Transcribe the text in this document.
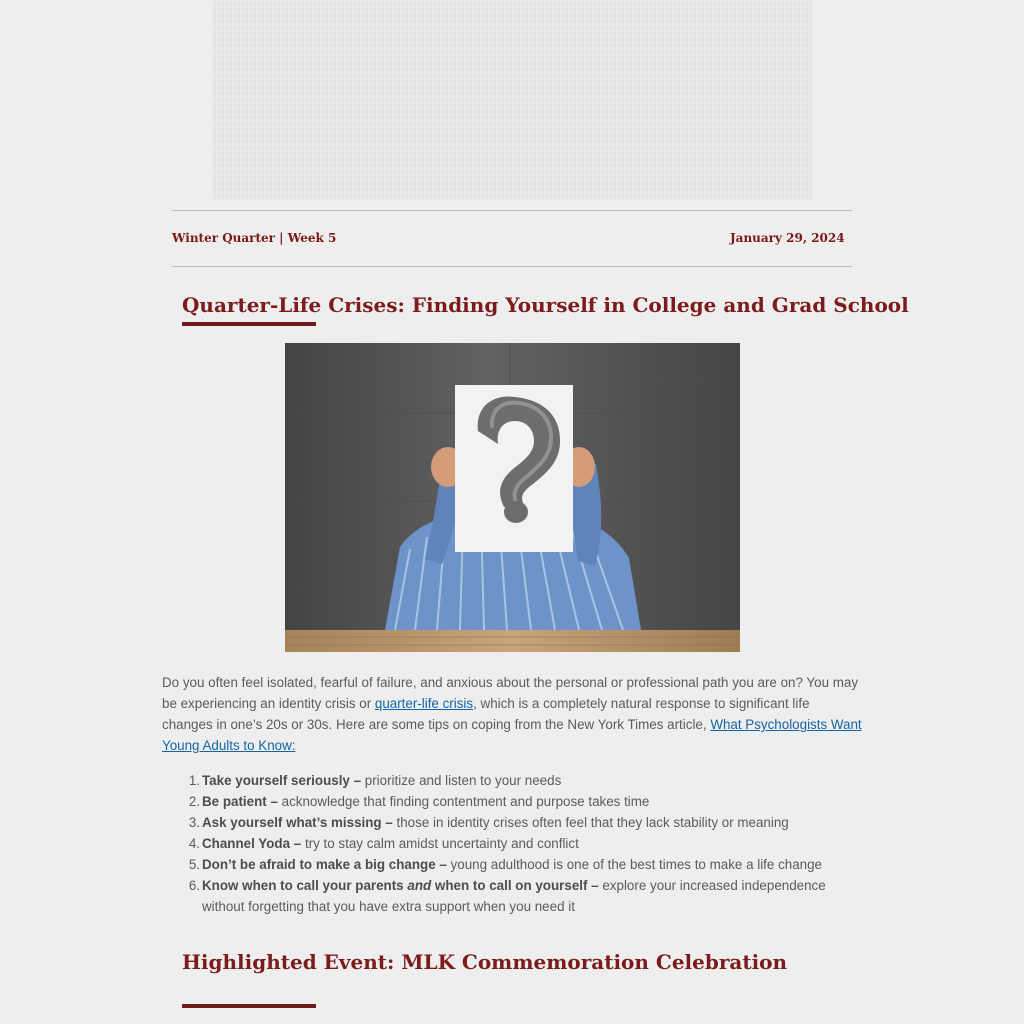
Winter Quarter | Week 5	January 29, 2024
Quarter-Life Crises: Finding Yourself in College and Grad School

Do you often feel isolated, fearful of failure, and anxious about the personal or professional path you are on? You may be experiencing an identity crisis or quarter-life crisis, which is a completely natural response to significant life changes in one’s 20s or 30s. Here are some tips on coping from the New York Times article, What Psychologists Want Young Adults to Know:

1. Take yourself seriously – prioritize and listen to your needs
2. Be patient – acknowledge that finding contentment and purpose takes time
3. Ask yourself what’s missing – those in identity crises often feel that they lack stability or meaning
4. Channel Yoda – try to stay calm amidst uncertainty and conflict
5. Don’t be afraid to make a big change – young adulthood is one of the best times to make a life change
6. Know when to call your parents and when to call on yourself – explore your increased independence without forgetting that you have extra support when you need it
Highlighted Event: MLK Commemoration Celebration
